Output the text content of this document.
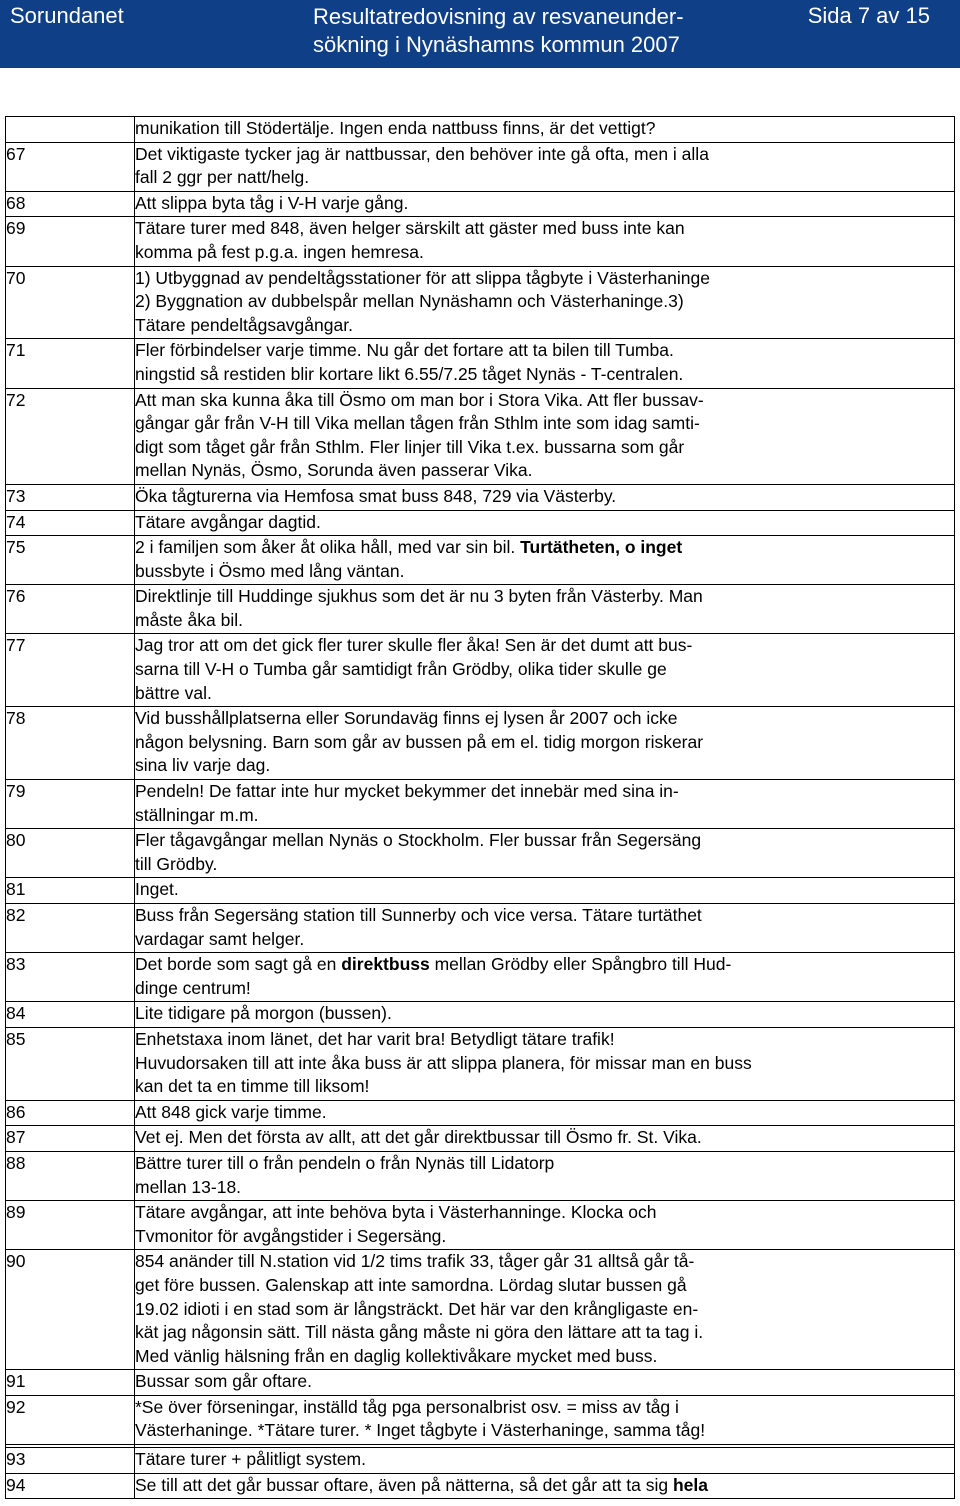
Sorundanet	Resultatredovisning av resvaneunder-
sökning i Nynäshamns kommun 2007
Sida 7 av 15

	munikation till Stödertälje. Ingen enda nattbuss finns, är det vettigt?

67	Det viktigaste tycker jag är nattbussar, den behöver inte gå ofta, men i alla
fall 2 ggr per natt/helg.

68	Att slippa byta tåg i V-H varje gång.

69	Tätare turer med 848, även helger särskilt att gäster med buss inte kan
komma på fest p.g.a. ingen hemresa.

70	1) Utbyggnad av pendeltågsstationer för att slippa tågbyte i Västerhaninge
2) Byggnation av dubbelspår mellan Nynäshamn och Västerhaninge.3)
Tätare pendeltågsavgångar.

71	Fler förbindelser varje timme. Nu går det fortare att ta bilen till Tumba.
ningstid så restiden blir kortare likt 6.55/7.25 tåget Nynäs - T-centralen.

72	Att man ska kunna åka till Ösmo om man bor i Stora Vika. Att fler bussav-
gångar går från V-H till Vika mellan tågen från Sthlm inte som idag samti-
digt som tåget går från Sthlm. Fler linjer till Vika t.ex. bussarna som går
mellan Nynäs, Ösmo, Sorunda även passerar Vika.

73	Öka tågturerna via Hemfosa smat buss 848, 729 via Västerby.

74	Tätare avgångar dagtid.

75	2 i familjen som åker åt olika håll, med var sin bil. Turtätheten, o inget
bussbyte i Ösmo med lång väntan.
76	Direktlinje till Huddinge sjukhus som det är nu 3 byten från Västerby. Man
måste åka bil.

77	Jag tror att om det gick fler turer skulle fler åka! Sen är det dumt att bus-
sarna till V-H o Tumba går samtidigt från Grödby, olika tider skulle ge
bättre val.

78	Vid busshållplatserna eller Sorundaväg finns ej lysen år 2007 och icke
någon belysning. Barn som går av bussen på em el. tidig morgon riskerar
sina liv varje dag.

79	Pendeln! De fattar inte hur mycket bekymmer det innebär med sina in-
ställningar m.m.

80	Fler tågavgångar mellan Nynäs o Stockholm. Fler bussar från Segersäng
till Grödby.

81	Inget.

82	Buss från Segersäng station till Sunnerby och vice versa. Tätare turtäthet
vardagar samt helger.

83	Det borde som sagt gå en direktbuss mellan Grödby eller Spångbro till Hud-
dinge centrum!
84	Lite tidigare på morgon (bussen).

85	Enhetstaxa inom länet, det har varit bra! Betydligt tätare trafik!
Huvudorsaken till att inte åka buss är att slippa planera, för missar man en buss
kan det ta en timme till liksom!

86	Att 848 gick varje timme.

87	Vet ej. Men det första av allt, att det går direktbussar till Ösmo fr. St. Vika.

88	Bättre turer till o från pendeln o från Nynäs till Lidatorp
mellan 13-18.

89	Tätare avgångar, att inte behöva byta i Västerhanninge. Klocka och
Tvmonitor för avgångstider i Segersäng.

90	854 anänder till N.station vid 1/2 tims trafik 33, tåger går 31 alltså går tå-
get före bussen. Galenskap att inte samordna. Lördag slutar bussen gå
19.02 idioti i en stad som är långsträckt. Det här var den krångligaste en-
kät jag någonsin sätt. Till nästa gång måste ni göra den lättare att ta tag i.
Med vänlig hälsning från en daglig kollektivåkare mycket med buss.

91	Bussar som går oftare.

92	*Se över förseningar, inställd tåg pga personalbrist osv. = miss av tåg i
Västerhaninge. *Tätare turer. * Inget tågbyte i Västerhaninge, samma tåg!

93	Tätare turer + pålitligt system.

94	Se till att det går bussar oftare, även på nätterna, så det går att ta sig hela
